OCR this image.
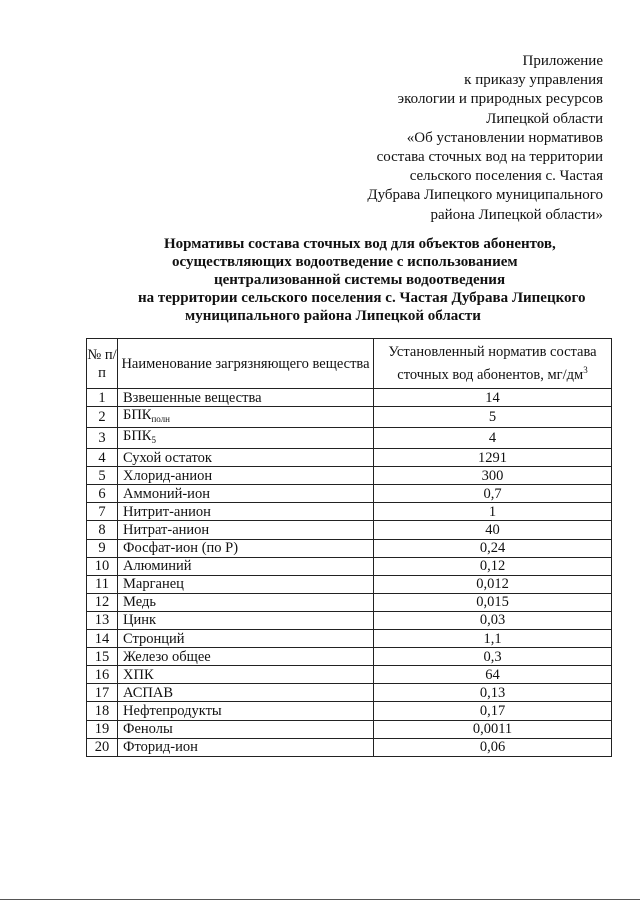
Приложение
к приказу управления
экологии и природных ресурсов
Липецкой области
«Об установлении нормативов
состава сточных вод на территории
сельского поселения с. Частая
Дубрава Липецкого муниципального
района Липецкой области»
Нормативы состава сточных вод для объектов абонентов,
осуществляющих водоотведение с использованием
централизованной системы водоотведения
на территории сельского поселения с. Частая Дубрава Липецкого
муниципального района Липецкой области
№ п/п	Наименование загрязняющего вещества	Установленный норматив состава сточных вод абонентов, $мг/дм^3$
1	Взвешенные вещества	14
2	$БПК_{полн}$	5
3	$БПК_5$	4
4	Сухой остаток	1291
5	Хлорид-анион	300
6	Аммоний-ион	0,7
7	Нитрит-анион	1
8	Нитрат-анион	40
9	Фосфат-ион (по Р)	0,24
10	Алюминий	0,12
11	Марганец	0,012
12	Медь	0,015
13	Цинк	0,03
14	Стронций	1,1
15	Железо общее	0,3
16	ХПК	64
17	АСПАВ	0,13
18	Нефтепродукты	0,17
19	Фенолы	0,0011
20	Фторид-ион	0,06
